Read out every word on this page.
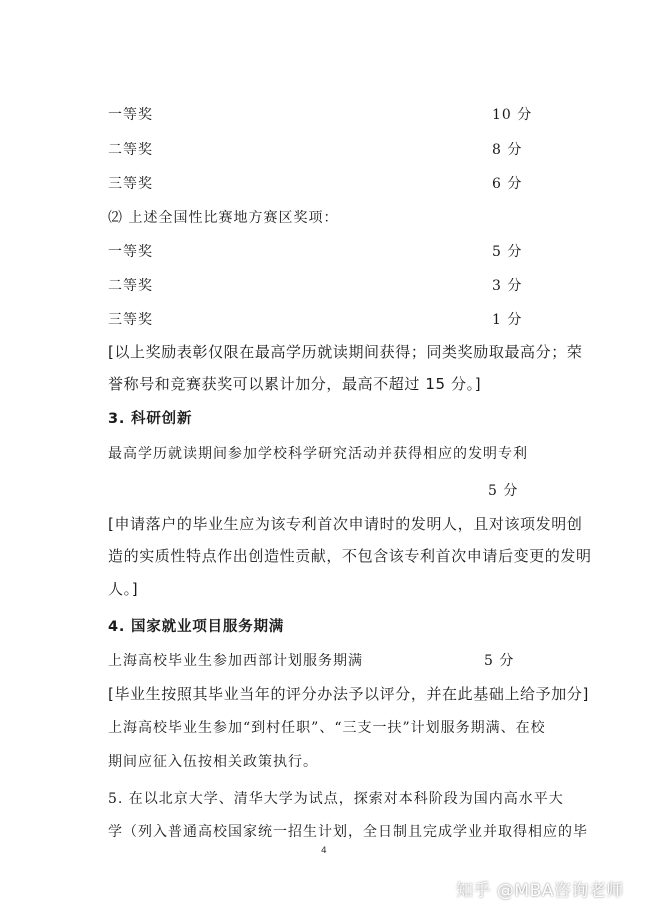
一等奖	10 分
二等奖	8 分
三等奖	6 分
⑵ 上述全国性比赛地方赛区奖项：
一等奖	5 分
二等奖	3 分
三等奖	1 分
[以上奖励表彰仅限在最高学历就读期间获得；同类奖励取最高分；荣
誉称号和竞赛获奖可以累计加分，最高不超过 15 分。]
3. 科研创新
最高学历就读期间参加学校科学研究活动并获得相应的发明专利
5 分
[申请落户的毕业生应为该专利首次申请时的发明人，且对该项发明创
造的实质性特点作出创造性贡献，不包含该专利首次申请后变更的发明
人。]
4. 国家就业项目服务期满
上海高校毕业生参加西部计划服务期满	5 分
[毕业生按照其毕业当年的评分办法予以评分，并在此基础上给予加分]
上海高校毕业生参加“到村任职”、“三支一扶”计划服务期满、在校
期间应征入伍按相关政策执行。
5. 在以北京大学、清华大学为试点，探索对本科阶段为国内高水平大
学（列入普通高校国家统一招生计划，全日制且完成学业并取得相应的毕
4
知乎 @MBA咨询老师
